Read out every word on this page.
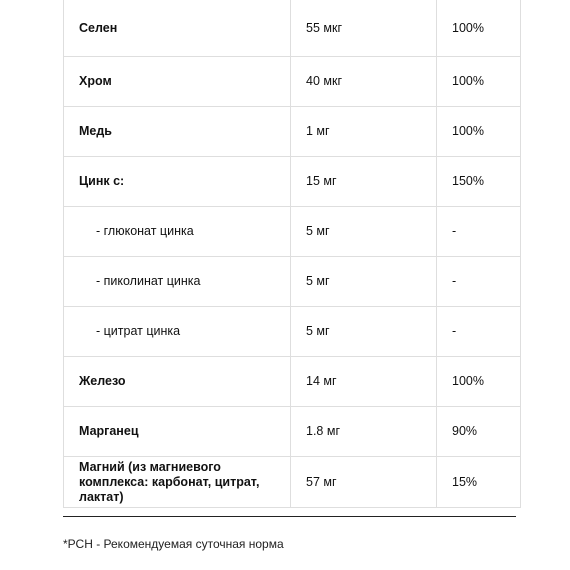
Селен	55 мкг	100%
Хром	40 мкг	100%
Медь	1 мг	100%
Цинк с:	15 мг	150%
- глюконат цинка	5 мг	-
- пиколинат цинка	5 мг	-
- цитрат цинка	5 мг	-
Железо	14 мг	100%
Марганец	1.8 мг	90%
Магний (из магниевого комплекса: карбонат, цитрат, лактат)	57 мг	15%
*РСН - Рекомендуемая суточная норма
